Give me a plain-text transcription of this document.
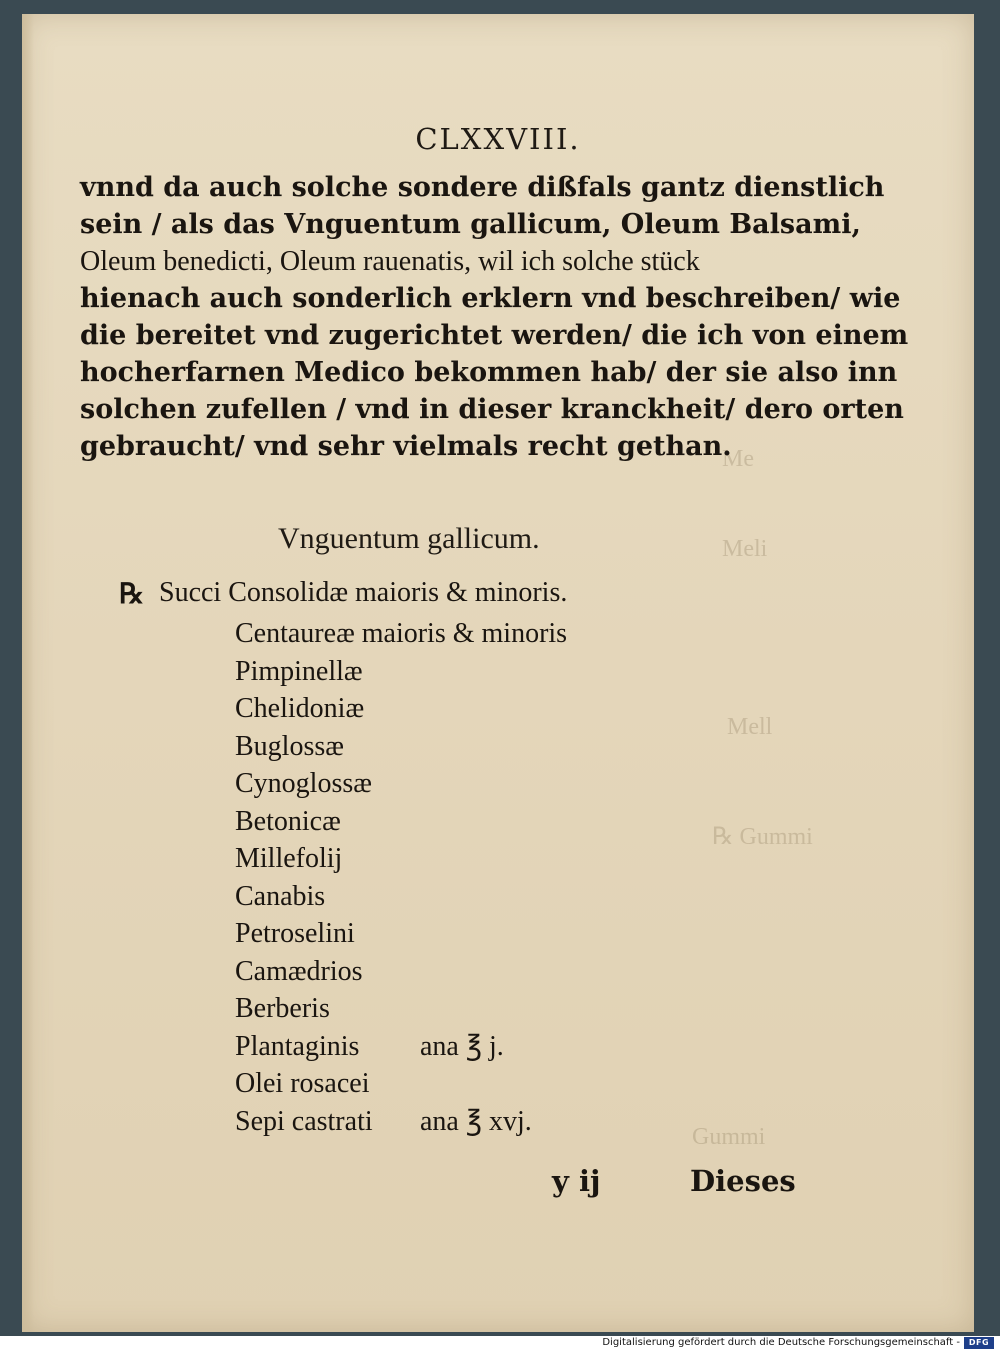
Me
Meli
Mell
℞ Gummi
Gummi
CLXXVIII.
vnnd da auch solche sondere dißfals gantz dienstlich
sein / als das Vnguentum gallicum, Oleum Balsami,
Oleum benedicti, Oleum rauenatis, wil ich solche stück
hienach auch sonderlich erklern vnd beschreiben/ wie
die bereitet vnd zugerichtet werden/ die ich von einem
hocherfarnen Medico bekommen hab/ der sie also inn
solchen zufellen / vnd in dieser kranckheit/ dero orten
gebraucht/ vnd sehr vielmals recht gethan.
Vnguentum gallicum.
℞ Succi Consolidæ maioris & minoris.
Centaureæ maioris & minoris
Pimpinellæ
Chelidoniæ
Buglossæ
Cynoglossæ
Betonicæ
Millefolij
Canabis
Petroselini
Camædrios
Berberis
Plantaginis ana ℥ j.
Olei rosacei
Sepi castrati ana ℥ xvj.
y ij	Dieses
Digitalisierung gefördert durch die Deutsche Forschungsgemeinschaft -	DFG
